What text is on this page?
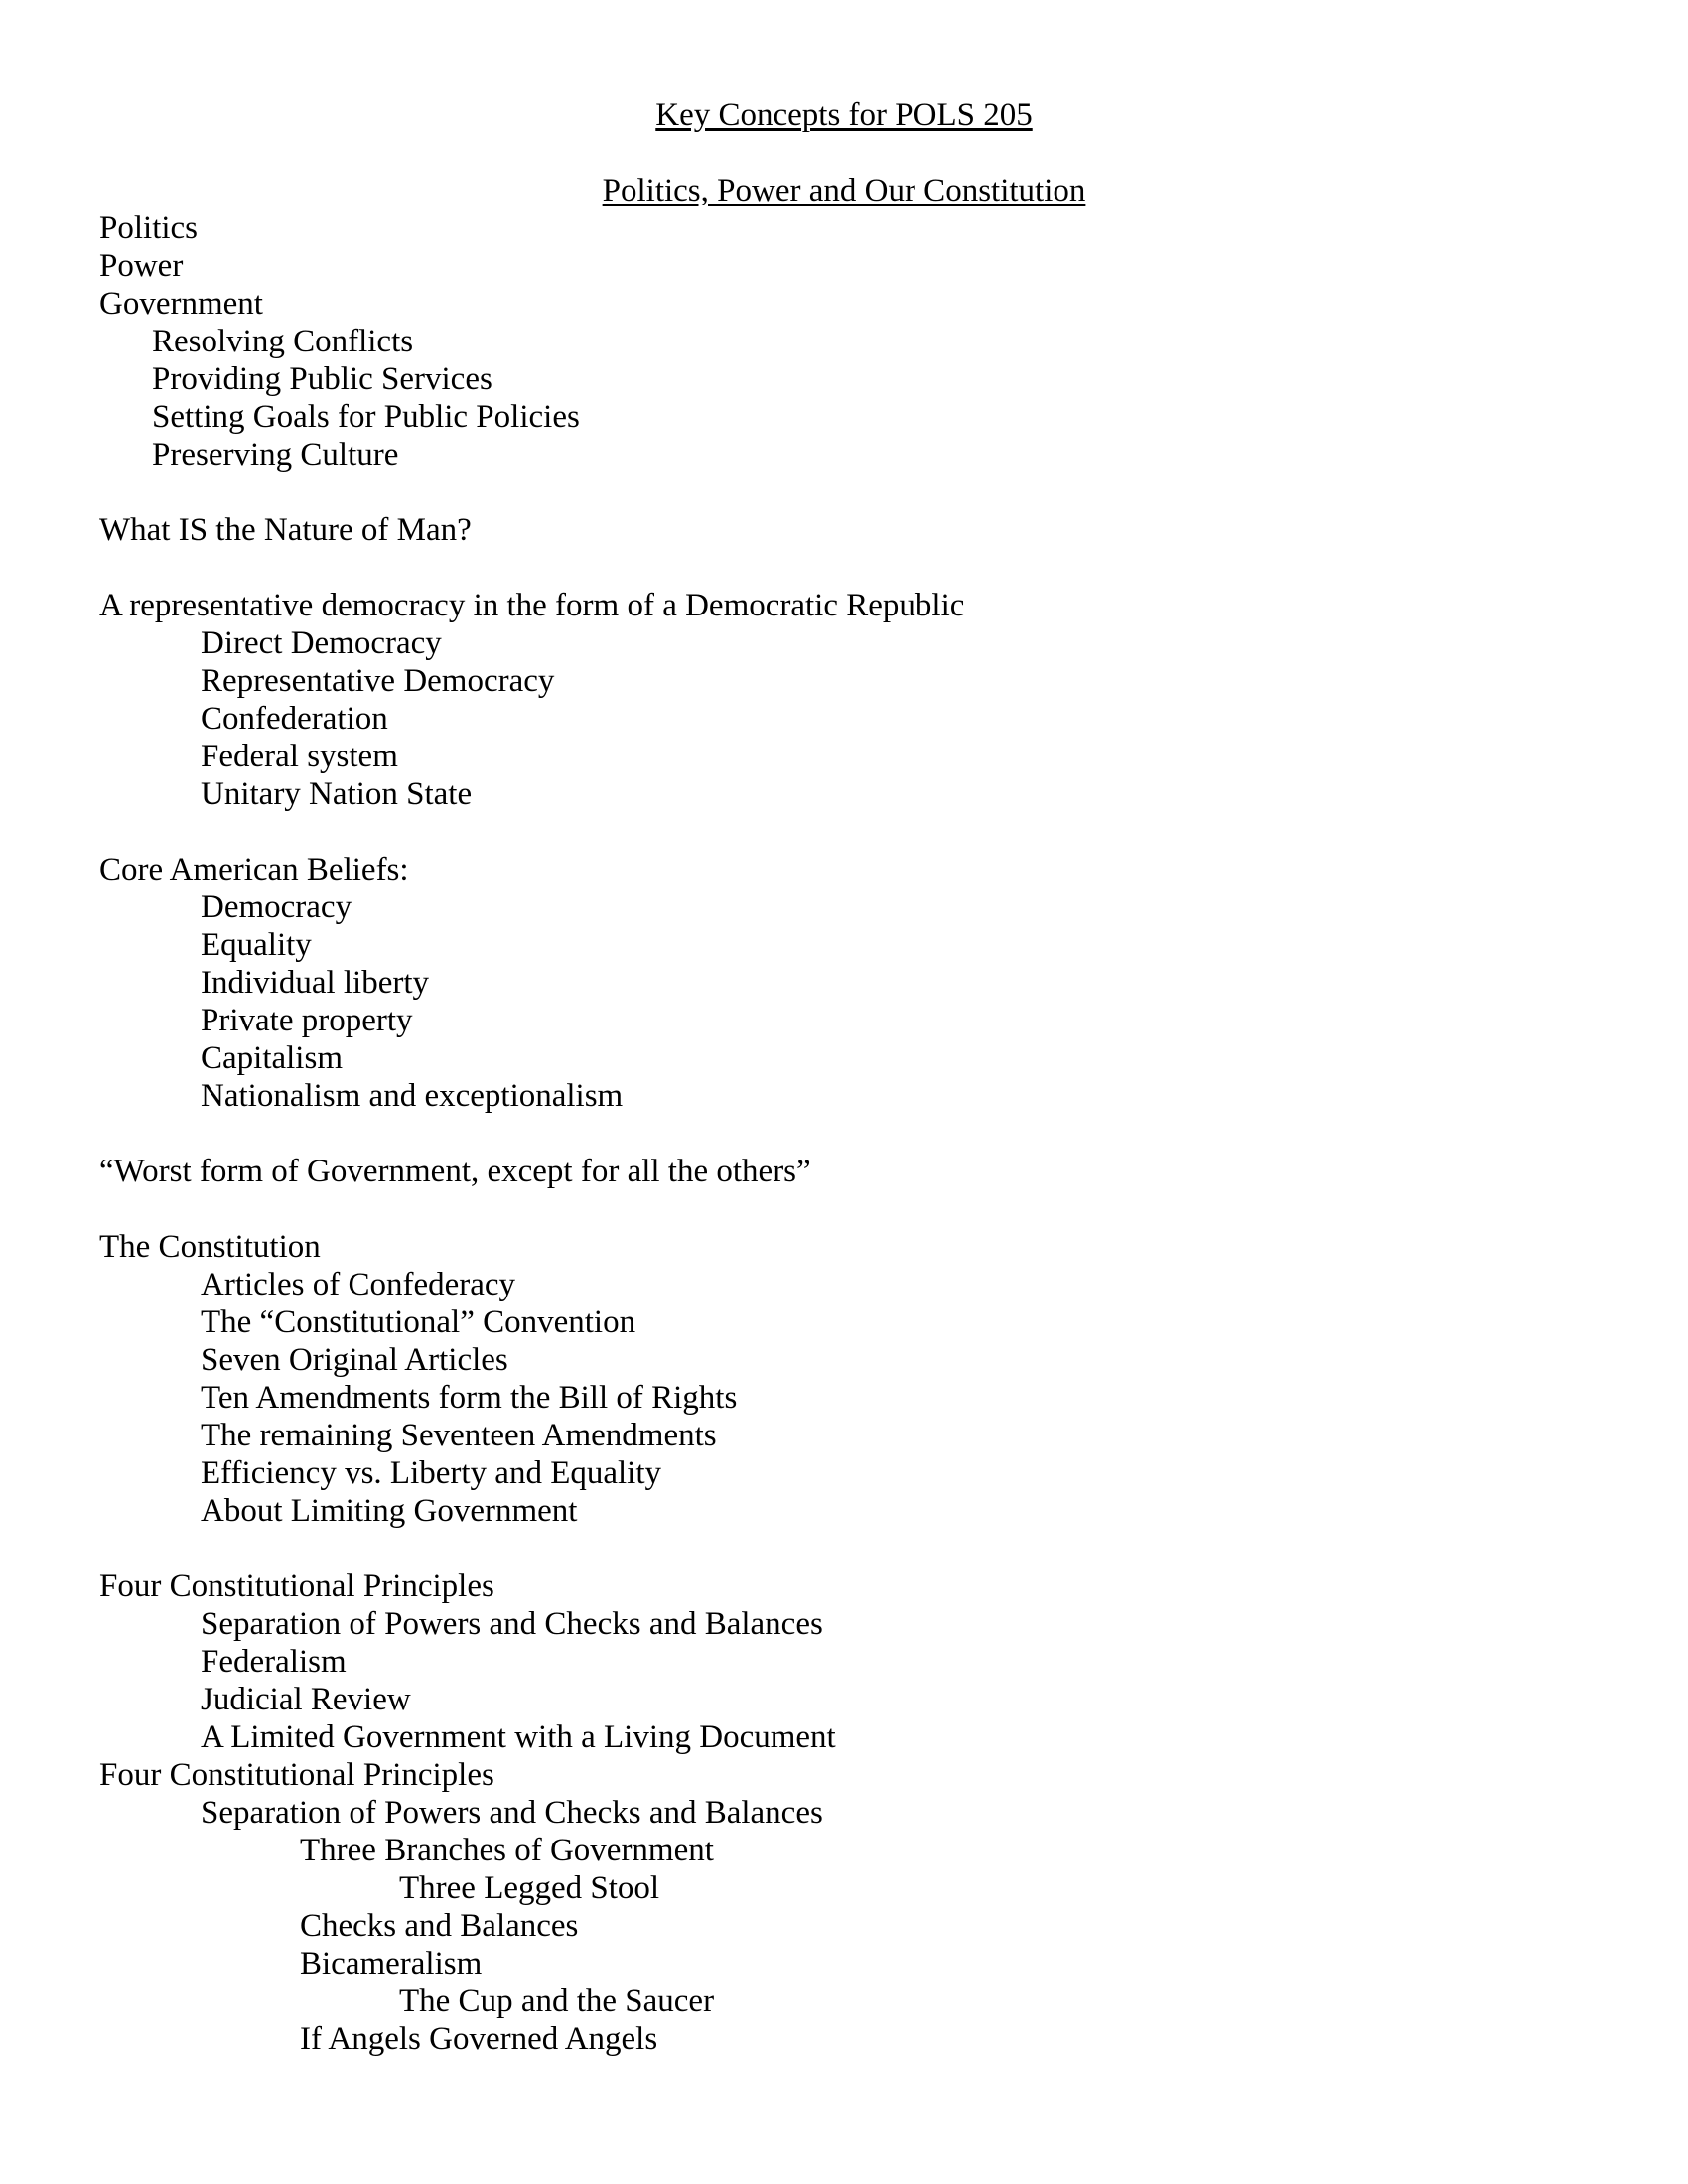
Key Concepts for POLS 205
Politics, Power and Our Constitution
Politics
Power
Government
Resolving Conflicts
Providing Public Services
Setting Goals for Public Policies
Preserving Culture
What IS the Nature of Man?
A representative democracy in the form of a Democratic Republic
Direct Democracy
Representative Democracy
Confederation
Federal system
Unitary Nation State
Core American Beliefs:
Democracy
Equality
Individual liberty
Private property
Capitalism
Nationalism and exceptionalism
“Worst form of Government, except for all the others”
The Constitution
Articles of Confederacy
The “Constitutional” Convention
Seven Original Articles
Ten Amendments form the Bill of Rights
The remaining Seventeen Amendments
Efficiency vs. Liberty and Equality
About Limiting Government
Four Constitutional Principles
Separation of Powers and Checks and Balances
Federalism
Judicial Review
A Limited Government with a Living Document
Four Constitutional Principles
Separation of Powers and Checks and Balances
Three Branches of Government
Three Legged Stool
Checks and Balances
Bicameralism
The Cup and the Saucer
If Angels Governed Angels
